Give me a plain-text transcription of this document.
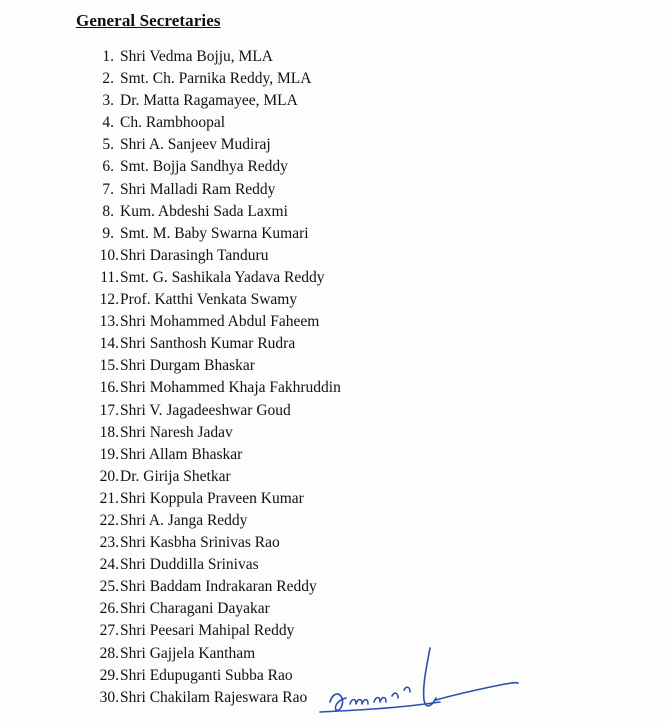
General Secretaries
1. Shri Vedma Bojju, MLA
2. Smt. Ch. Parnika Reddy, MLA
3. Dr. Matta Ragamayee, MLA
4. Ch. Rambhoopal
5. Shri A. Sanjeev Mudiraj
6. Smt. Bojja Sandhya Reddy
7. Shri Malladi Ram Reddy
8. Kum. Abdeshi Sada Laxmi
9. Smt. M. Baby Swarna Kumari
10. Shri Darasingh Tanduru
11. Smt. G. Sashikala Yadava Reddy
12. Prof. Katthi Venkata Swamy
13. Shri Mohammed Abdul Faheem
14. Shri Santhosh Kumar Rudra
15. Shri Durgam Bhaskar
16. Shri Mohammed Khaja Fakhruddin
17. Shri V. Jagadeeshwar Goud
18. Shri Naresh Jadav
19. Shri Allam Bhaskar
20. Dr. Girija Shetkar
21. Shri Koppula Praveen Kumar
22. Shri A. Janga Reddy
23. Shri Kasbha Srinivas Rao
24. Shri Duddilla Srinivas
25. Shri Baddam Indrakaran Reddy
26. Shri Charagani Dayakar
27. Shri Peesari Mahipal Reddy
28. Shri Gajjela Kantham
29. Shri Edupuganti Subba Rao
30. Shri Chakilam Rajeswara Rao
